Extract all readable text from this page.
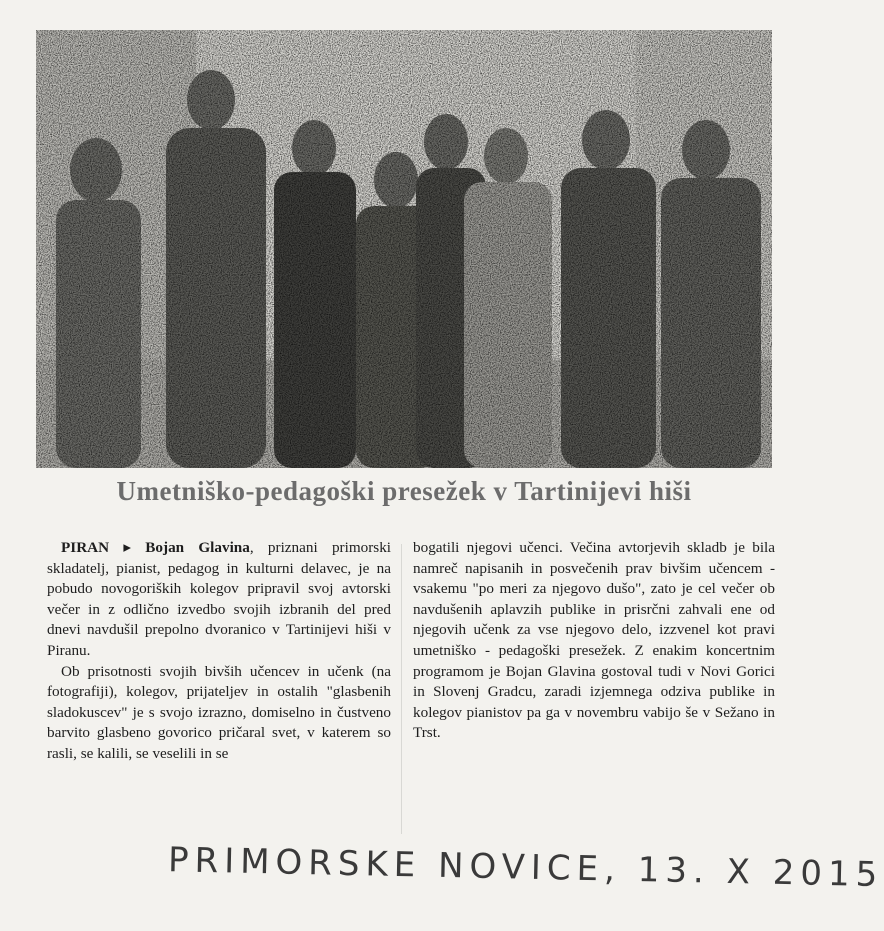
Umetniško-pedagoški presežek v Tartinijevi hiši

PIRAN ▸ Bojan Glavina, priznani primorski skladatelj, pianist, pedagog in kulturni delavec, je na pobudo novogoriških kolegov pripravil svoj avtorski večer in z odlično izvedbo svojih izbranih del pred dnevi navdušil prepolno dvoranico v Tartinijevi hiši v Piranu.

Ob prisotnosti svojih bivših učencev in učenk (na fotografiji), kolegov, prijateljev in ostalih "glasbenih sladokuscev" je s svojo izrazno, domiselno in čustveno barvito glasbeno govorico pričaral svet, v katerem so rasli, se kalili, se veselili in se

bogatili njegovi učenci. Večina avtorjevih skladb je bila namreč napisanih in posvečenih prav bivšim učencem - vsakemu "po meri za njegovo dušo", zato je cel večer ob navdušenih aplavzih publike in prisrčni zahvali ene od njegovih učenk za vse njegovo delo, izzvenel kot pravi umetniško - pedagoški presežek. Z enakim koncertnim programom je Bojan Glavina gostoval tudi v Novi Gorici in Slovenj Gradcu, zaradi izjemnega odziva publike in kolegov pianistov pa ga v novembru vabijo še v Sežano in Trst.

PRIMORSKE NOVICE, 13. X 2015
